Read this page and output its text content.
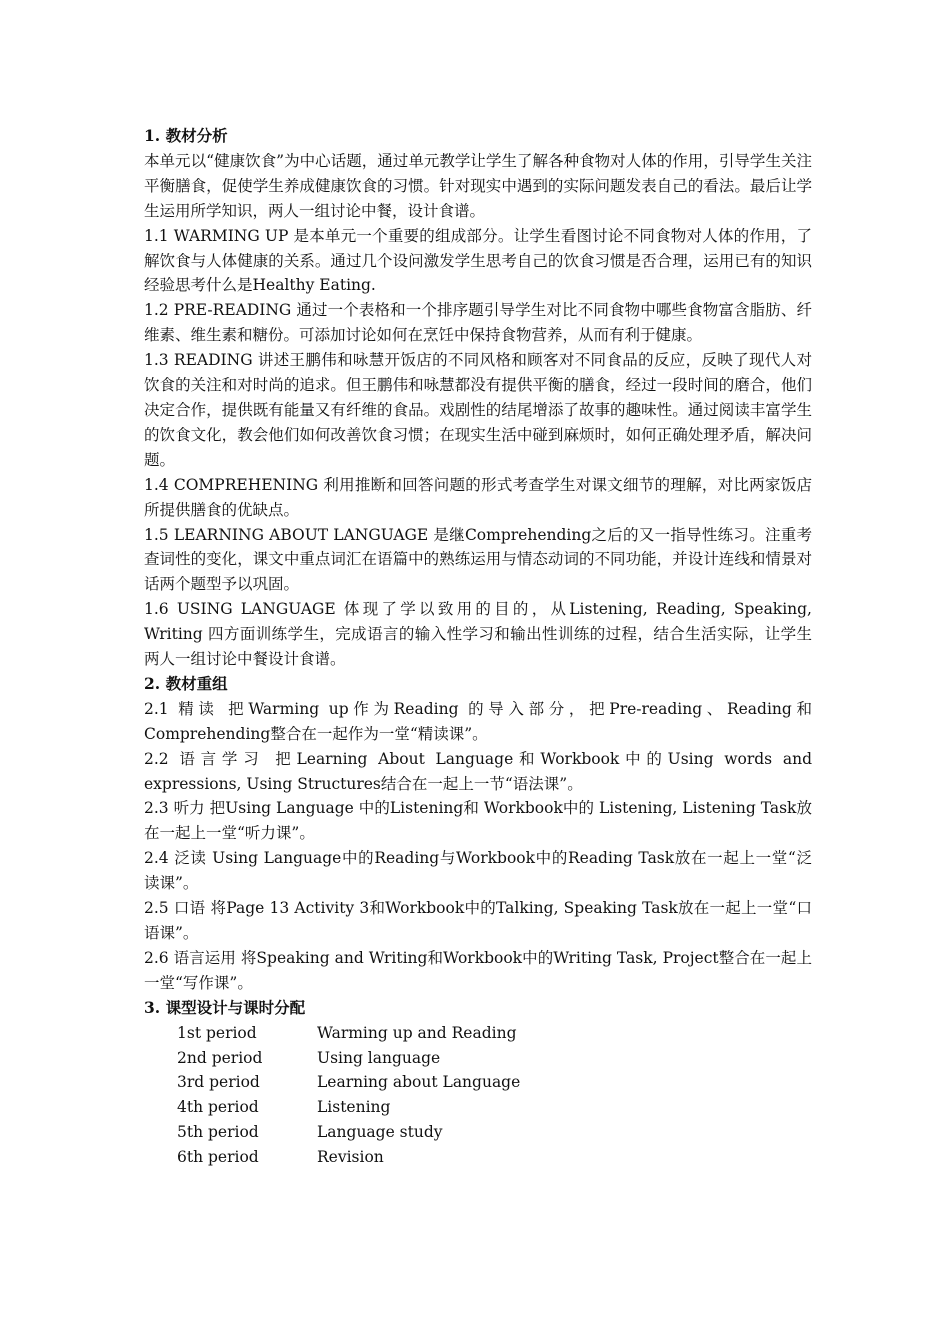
1. 教材分析

本单元以“健康饮食”为中心话题，通过单元教学让学生了解各种食物对人体的作用，引导学生关注平衡膳食，促使学生养成健康饮食的习惯。针对现实中遇到的实际问题发表自己的看法。最后让学生运用所学知识，两人一组讨论中餐，设计食谱。

1.1 WARMING UP 是本单元一个重要的组成部分。让学生看图讨论不同食物对人体的作用，了解饮食与人体健康的关系。通过几个设问激发学生思考自己的饮食习惯是否合理，运用已有的知识经验思考什么是Healthy Eating.

1.2 PRE-READING 通过一个表格和一个排序题引导学生对比不同食物中哪些食物富含脂肪、纤维素、维生素和糖份。可添加讨论如何在烹饪中保持食物营养，从而有利于健康。

1.3 READING 讲述王鹏伟和咏慧开饭店的不同风格和顾客对不同食品的反应，反映了现代人对饮食的关注和对时尚的追求。但王鹏伟和咏慧都没有提供平衡的膳食，经过一段时间的磨合，他们决定合作，提供既有能量又有纤维的食品。戏剧性的结尾增添了故事的趣味性。通过阅读丰富学生的饮食文化，教会他们如何改善饮食习惯；在现实生活中碰到麻烦时，如何正确处理矛盾，解决问题。

1.4 COMPREHENING 利用推断和回答问题的形式考查学生对课文细节的理解，对比两家饭店所提供膳食的优缺点。

1.5 LEARNING ABOUT LANGUAGE 是继Comprehending之后的又一指导性练习。注重考查词性的变化，课文中重点词汇在语篇中的熟练运用与情态动词的不同功能，并设计连线和情景对话两个题型予以巩固。

1.6 USING LANGUAGE 体现了学以致用的目的，从Listening, Reading, Speaking, Writing 四方面训练学生，完成语言的输入性学习和输出性训练的过程，结合生活实际，让学生两人一组讨论中餐设计食谱。

2. 教材重组

2.1 精读 把Warming up作为Reading 的导入部分，把Pre-reading、Reading和Comprehending整合在一起作为一堂“精读课”。

2.2 语言学习 把Learning About Language和Workbook中的Using words and expressions, Using Structures结合在一起上一节“语法课”。

2.3 听力 把Using Language 中的Listening和 Workbook中的 Listening, Listening Task放 在一起上一堂“听力课”。

2.4 泛读 Using Language中的Reading与Workbook中的Reading Task放在一起上一堂“泛读课”。

2.5 口语 将Page 13 Activity 3和Workbook中的Talking, Speaking Task放在一起上一堂“口语课”。

2.6 语言运用 将Speaking and Writing和Workbook中的Writing Task, Project整合在一起上一堂“写作课”。

3. 课型设计与课时分配

1st period	Warming up and Reading
2nd period	Using language
3rd period	Learning about Language
4th period	Listening
5th period	Language study
6th period	Revision
